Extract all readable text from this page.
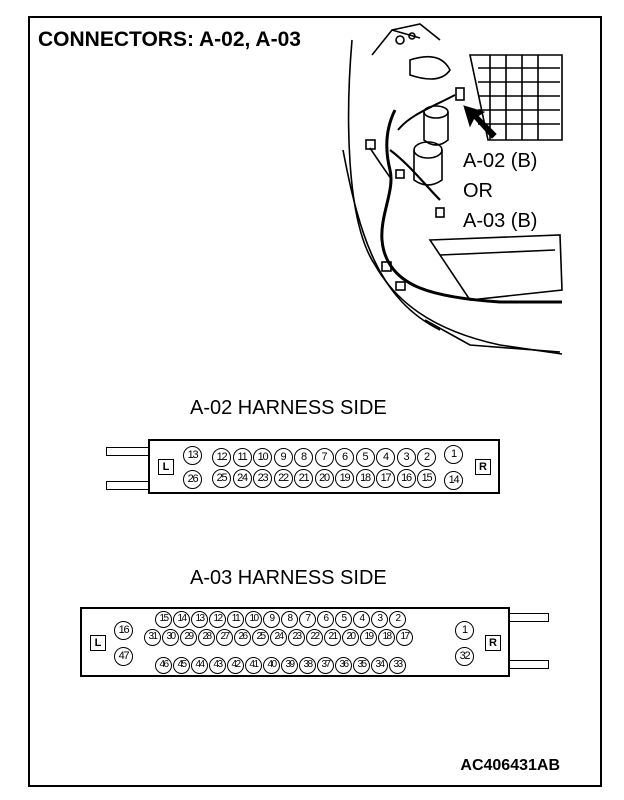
CONNECTORS: A-02, A-03
A-02 (B)
OR
A-03 (B)
A-02 HARNESS SIDE
L	R
13
26
1
14
12	11	10	9	8	7	6	5	4	3	2
25 24 23 22 21 20 19 18 17 16 15
A-03 HARNESS SIDE
L	R
16
47
1
32
15 14 13 12	11	10	9	8	7	6	5	4	3	2
31 30 29 28 27 26 25 24 23 22 21 20 19 18 17
46 45 44 43 42 41 40 39 38 37 36 35 34 33
AC406431AB
